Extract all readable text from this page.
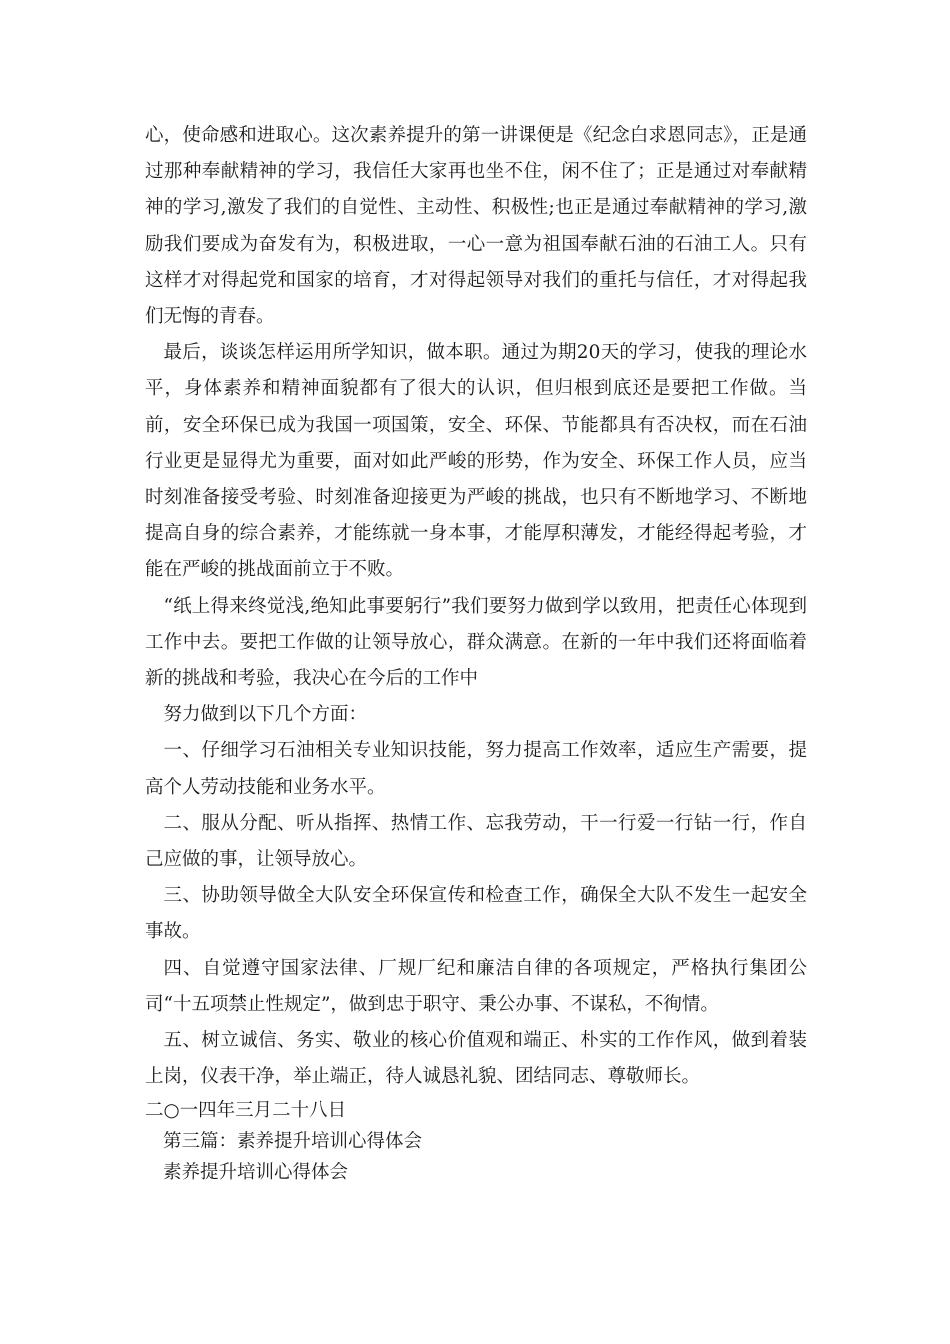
心，使命感和进取心。这次素养提升的第一讲课便是《纪念白求恩同志》，正是通过那种奉献精神的学习，我信任大家再也坐不住，闲不住了；正是通过对奉献精神的学习,激发了我们的自觉性、主动性、积极性;也正是通过奉献精神的学习,激励我们要成为奋发有为，积极进取，一心一意为祖国奉献石油的石油工人。只有这样才对得起党和国家的培育，才对得起领导对我们的重托与信任，才对得起我们无悔的青春。

最后，谈谈怎样运用所学知识，做本职。通过为期20天的学习，使我的理论水平，身体素养和精神面貌都有了很大的认识，但归根到底还是要把工作做。当前，安全环保已成为我国一项国策，安全、环保、节能都具有否决权，而在石油行业更是显得尤为重要，面对如此严峻的形势，作为安全、环保工作人员，应当时刻准备接受考验、时刻准备迎接更为严峻的挑战，也只有不断地学习、不断地提高自身的综合素养，才能练就一身本事，才能厚积薄发，才能经得起考验，才能在严峻的挑战面前立于不败。

“纸上得来终觉浅,绝知此事要躬行”我们要努力做到学以致用，把责任心体现到工作中去。要把工作做的让领导放心，群众满意。在新的一年中我们还将面临着新的挑战和考验，我决心在今后的工作中

努力做到以下几个方面：

一、仔细学习石油相关专业知识技能，努力提高工作效率，适应生产需要，提高个人劳动技能和业务水平。

二、服从分配、听从指挥、热情工作、忘我劳动，干一行爱一行钻一行，作自己应做的事，让领导放心。

三、协助领导做全大队安全环保宣传和检查工作，确保全大队不发生一起安全事故。

四、自觉遵守国家法律、厂规厂纪和廉洁自律的各项规定，严格执行集团公司“十五项禁止性规定”，做到忠于职守、秉公办事、不谋私，不徇情。

五、树立诚信、务实、敬业的核心价值观和端正、朴实的工作作风，做到着装上岗，仪表干净，举止端正，待人诚恳礼貌、团结同志、尊敬师长。

二○一四年三月二十八日

第三篇：素养提升培训心得体会

素养提升培训心得体会
